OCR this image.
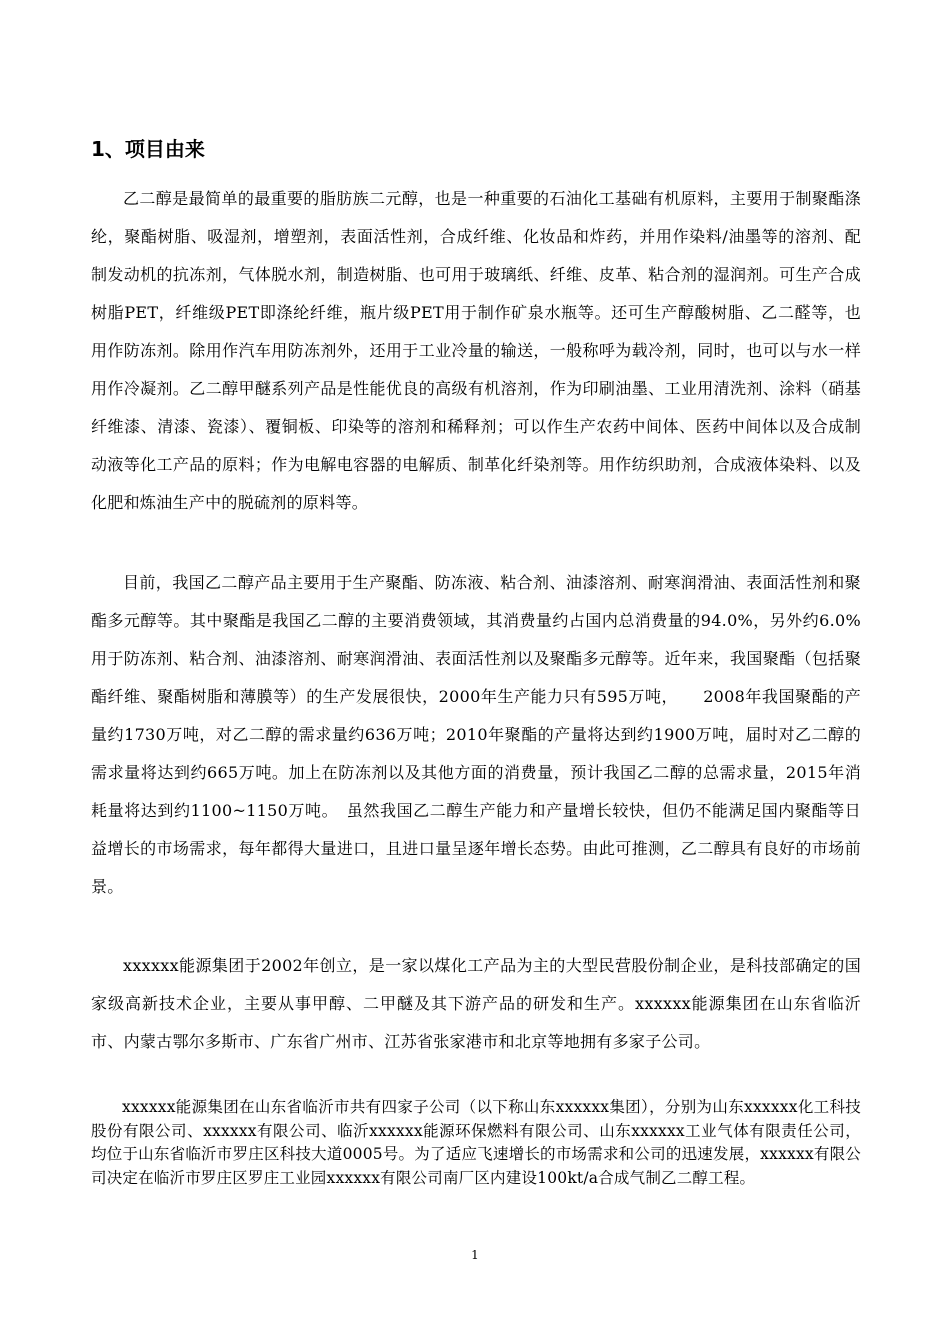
1、项目由来

乙二醇是最简单的最重要的脂肪族二元醇，也是一种重要的石油化工基础有机原料，主要用于制聚酯涤纶，聚酯树脂、吸湿剂，增塑剂，表面活性剂，合成纤维、化妆品和炸药，并用作染料/油墨等的溶剂、配制发动机的抗冻剂，气体脱水剂，制造树脂、也可用于玻璃纸、纤维、皮革、粘合剂的湿润剂。可生产合成树脂PET，纤维级PET即涤纶纤维，瓶片级PET用于制作矿泉水瓶等。还可生产醇酸树脂、乙二醛等，也用作防冻剂。除用作汽车用防冻剂外，还用于工业冷量的输送，一般称呼为载冷剂，同时，也可以与水一样用作冷凝剂。乙二醇甲醚系列产品是性能优良的高级有机溶剂，作为印刷油墨、工业用清洗剂、涂料（硝基纤维漆、清漆、瓷漆）、覆铜板、印染等的溶剂和稀释剂；可以作生产农药中间体、医药中间体以及合成制动液等化工产品的原料；作为电解电容器的电解质、制革化纤染剂等。用作纺织助剂，合成液体染料、以及化肥和炼油生产中的脱硫剂的原料等。

目前，我国乙二醇产品主要用于生产聚酯、防冻液、粘合剂、油漆溶剂、耐寒润滑油、表面活性剂和聚酯多元醇等。其中聚酯是我国乙二醇的主要消费领域，其消费量约占国内总消费量的94.0%，另外约6.0%用于防冻剂、粘合剂、油漆溶剂、耐寒润滑油、表面活性剂以及聚酯多元醇等。近年来，我国聚酯（包括聚酯纤维、聚酯树脂和薄膜等）的生产发展很快，2000年生产能力只有595万吨，　　2008年我国聚酯的产量约1730万吨，对乙二醇的需求量约636万吨；2010年聚酯的产量将达到约1900万吨，届时对乙二醇的需求量将达到约665万吨。加上在防冻剂以及其他方面的消费量，预计我国乙二醇的总需求量，2015年消耗量将达到约1100~1150万吨。　虽然我国乙二醇生产能力和产量增长较快，但仍不能满足国内聚酯等日益增长的市场需求，每年都得大量进口，且进口量呈逐年增长态势。由此可推测，乙二醇具有良好的市场前景。

xxxxxx能源集团于2002年创立，是一家以煤化工产品为主的大型民营股份制企业，是科技部确定的国家级高新技术企业，主要从事甲醇、二甲醚及其下游产品的研发和生产。xxxxxx能源集团在山东省临沂市、内蒙古鄂尔多斯市、广东省广州市、江苏省张家港市和北京等地拥有多家子公司。

xxxxxx能源集团在山东省临沂市共有四家子公司（以下称山东xxxxxx集团），分别为山东xxxxxx化工科技股份有限公司、xxxxxx有限公司、临沂xxxxxx能源环保燃料有限公司、山东xxxxxx工业气体有限责任公司，均位于山东省临沂市罗庄区科技大道0005号。为了适应飞速增长的市场需求和公司的迅速发展，xxxxxx有限公司决定在临沂市罗庄区罗庄工业园xxxxxx有限公司南厂区内建设100kt/a合成气制乙二醇工程。

1
